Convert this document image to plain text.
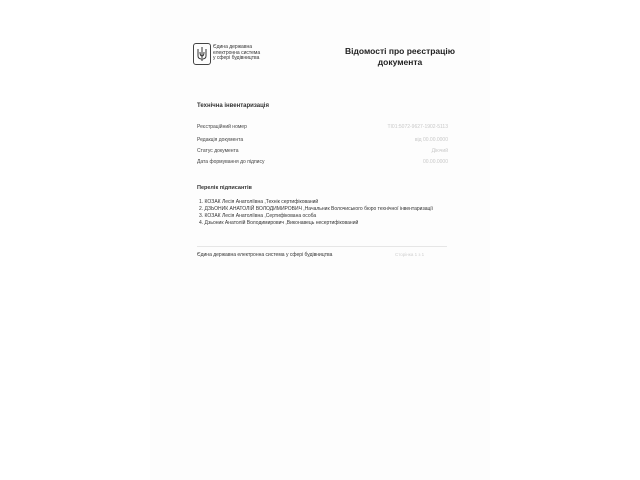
Єдина державна
електронна система
у сфері будівництва
Відомості про реєстрацію
документа
Технічна інвентаризація
Реєстраційний номер	ТІ01:5072-9627-1902-5113
Редакція документа	від 00.00.0000
Статус документа	Діючий
Дата формування до підпису	00.00.0000
Перелік підписантів
1. КОЗАК Лесія Анатоліївна ,Технік сертифікований
2. ДЗЬОНИК АНАТОЛІЙ ВОЛОДИМИРОВИЧ ,Начальник Волочиського бюро технічної інвентаризації
3. КОЗАК Лесія Анатоліївна ,Сертифікована особа
4. Дзьоник Анатолій Володимирович ,Виконавець несертифікований
Єдина державна електронна система у сфері будівництва	Сторінка 1 з 1
